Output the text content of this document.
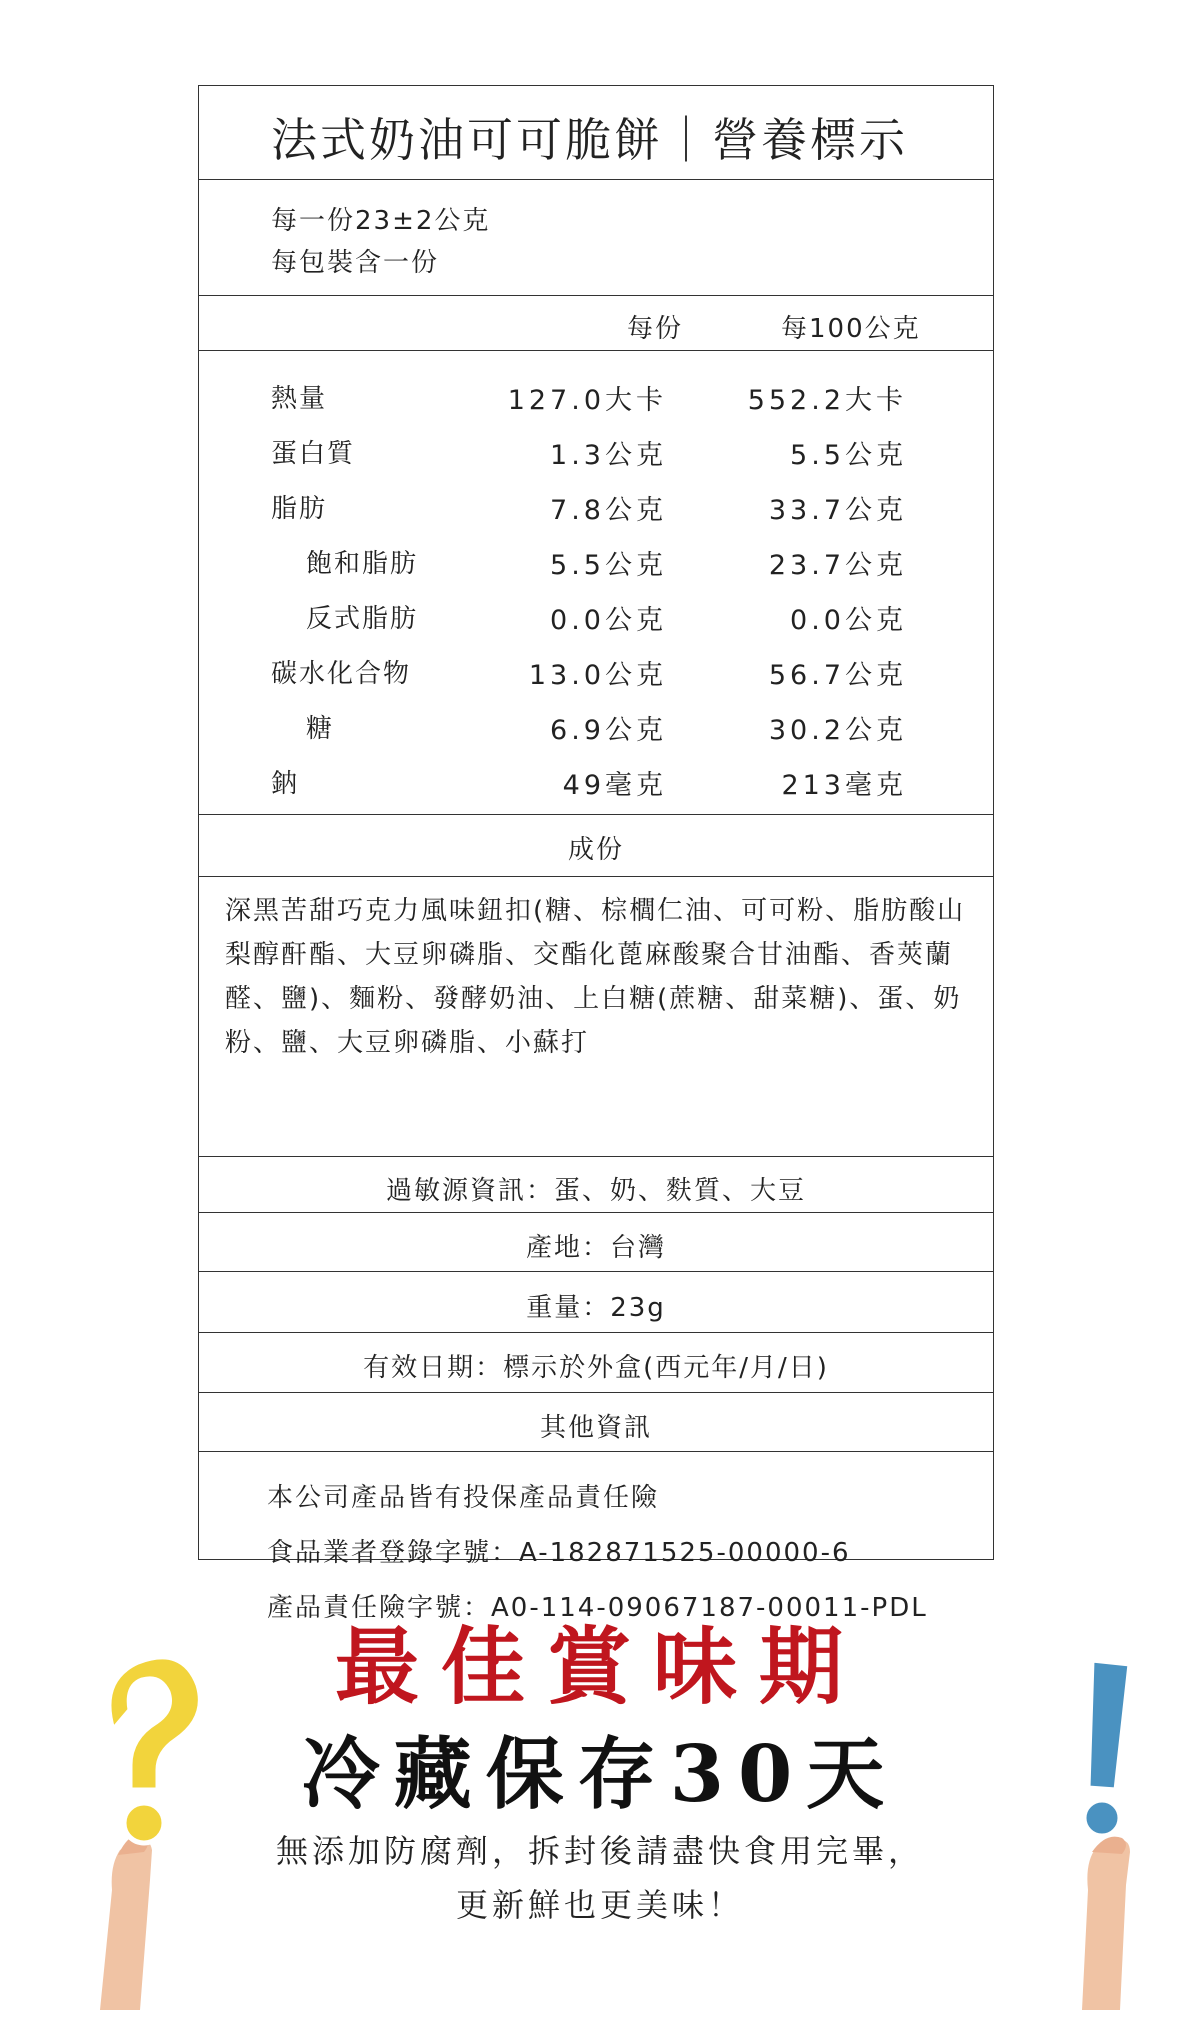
法式奶油可可脆餅｜營養標示
每一份23±2公克
每包裝含一份
每份	每100公克
熱量	127.0大卡	552.2大卡
蛋白質	1.3公克	5.5公克
脂肪	7.8公克	33.7公克
飽和脂肪	5.5公克	23.7公克
反式脂肪	0.0公克	0.0公克
碳水化合物	13.0公克	56.7公克
糖	6.9公克	30.2公克
鈉	49毫克	213毫克
成份

深黑苦甜巧克力風味鈕扣(糖、棕櫚仁油、可可粉、脂肪酸山梨醇酐酯、大豆卵磷脂、交酯化蓖麻酸聚合甘油酯、香莢蘭醛、鹽)、麵粉、發酵奶油、上白糖(蔗糖、甜菜糖)、蛋、奶粉、鹽、大豆卵磷脂、小蘇打

過敏源資訊：蛋、奶、麩質、大豆
產地：台灣
重量：23g
有效日期：標示於外盒(西元年/月/日)
其他資訊
本公司產品皆有投保產品責任險
食品業者登錄字號：A-182871525-00000-6
產品責任險字號：A0-114-09067187-00011-PDL
最佳賞味期
冷藏保存30天
無添加防腐劑，拆封後請盡快食用完畢，
更新鮮也更美味！
